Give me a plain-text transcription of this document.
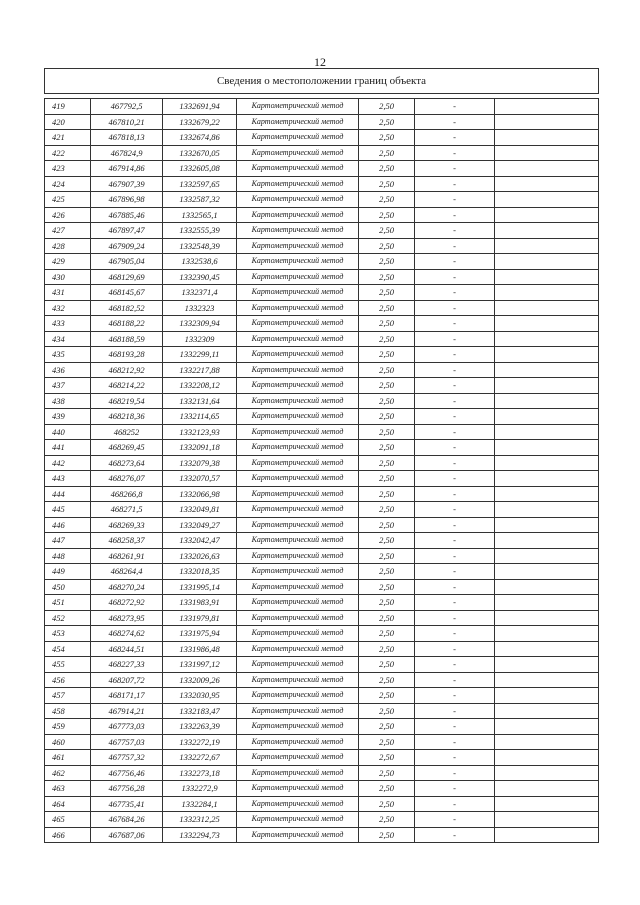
12
Сведения о местоположении границ объекта						

419	467792,5	1332691,94	Картометрический метод	2,50	-	
420	467810,21	1332679,22	Картометрический метод	2,50	-	
421	467818,13	1332674,86	Картометрический метод	2,50	-	
422	467824,9	1332670,05	Картометрический метод	2,50	-	
423	467914,86	1332605,08	Картометрический метод	2,50	-	
424	467907,39	1332597,65	Картометрический метод	2,50	-	
425	467896,98	1332587,32	Картометрический метод	2,50	-	
426	467885,46	1332565,1	Картометрический метод	2,50	-	
427	467897,47	1332555,39	Картометрический метод	2,50	-	
428	467909,24	1332548,39	Картометрический метод	2,50	-	
429	467905,04	1332538,6	Картометрический метод	2,50	-	
430	468129,69	1332390,45	Картометрический метод	2,50	-	
431	468145,67	1332371,4	Картометрический метод	2,50	-	
432	468182,52	1332323	Картометрический метод	2,50	-	
433	468188,22	1332309,94	Картометрический метод	2,50	-	
434	468188,59	1332309	Картометрический метод	2,50	-	
435	468193,28	1332299,11	Картометрический метод	2,50	-	
436	468212,92	1332217,88	Картометрический метод	2,50	-	
437	468214,22	1332208,12	Картометрический метод	2,50	-	
438	468219,54	1332131,64	Картометрический метод	2,50	-	
439	468218,36	1332114,65	Картометрический метод	2,50	-	
440	468252	1332123,93	Картометрический метод	2,50	-	
441	468269,45	1332091,18	Картометрический метод	2,50	-	
442	468273,64	1332079,38	Картометрический метод	2,50	-	
443	468276,07	1332070,57	Картометрический метод	2,50	-	
444	468266,8	1332066,98	Картометрический метод	2,50	-	
445	468271,5	1332049,81	Картометрический метод	2,50	-	
446	468269,33	1332049,27	Картометрический метод	2,50	-	
447	468258,37	1332042,47	Картометрический метод	2,50	-	
448	468261,91	1332026,63	Картометрический метод	2,50	-	
449	468264,4	1332018,35	Картометрический метод	2,50	-	
450	468270,24	1331995,14	Картометрический метод	2,50	-	
451	468272,92	1331983,91	Картометрический метод	2,50	-	
452	468273,95	1331979,81	Картометрический метод	2,50	-	
453	468274,62	1331975,94	Картометрический метод	2,50	-	
454	468244,51	1331986,48	Картометрический метод	2,50	-	
455	468227,33	1331997,12	Картометрический метод	2,50	-	
456	468207,72	1332009,26	Картометрический метод	2,50	-	
457	468171,17	1332030,95	Картометрический метод	2,50	-	
458	467914,21	1332183,47	Картометрический метод	2,50	-	
459	467773,03	1332263,39	Картометрический метод	2,50	-	
460	467757,03	1332272,19	Картометрический метод	2,50	-	
461	467757,32	1332272,67	Картометрический метод	2,50	-	
462	467756,46	1332273,18	Картометрический метод	2,50	-	
463	467756,28	1332272,9	Картометрический метод	2,50	-	
464	467735,41	1332284,1	Картометрический метод	2,50	-	
465	467684,26	1332312,25	Картометрический метод	2,50	-	
466	467687,06	1332294,73	Картометрический метод	2,50	-	
